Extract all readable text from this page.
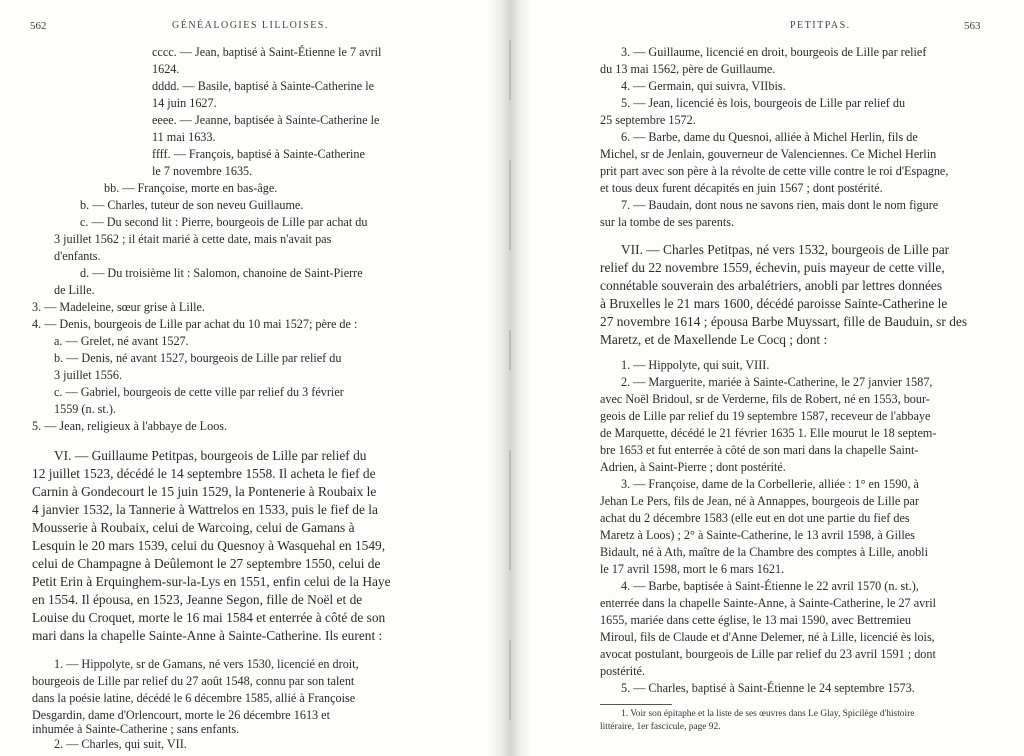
562	GÉNÉALOGIES LILLOISES.
cccc. — Jean, baptisé à Saint-Étienne le 7 avril
1624.
dddd. — Basile, baptisé à Sainte-Catherine le
14 juin 1627.
eeee. — Jeanne, baptisée à Sainte-Catherine le
11 mai 1633.
ffff. — François, baptisé à Sainte-Catherine
le 7 novembre 1635.
bb. — Françoise, morte en bas-âge.
b. — Charles, tuteur de son neveu Guillaume.
c. — Du second lit : Pierre, bourgeois de Lille par achat du
3 juillet 1562 ; il était marié à cette date, mais n'avait pas
d'enfants.
d. — Du troisième lit : Salomon, chanoine de Saint-Pierre
de Lille.
3. — Madeleine, sœur grise à Lille.
4. — Denis, bourgeois de Lille par achat du 10 mai 1527; père de :
a. — Grelet, né avant 1527.
b. — Denis, né avant 1527, bourgeois de Lille par relief du
3 juillet 1556.
c. — Gabriel, bourgeois de cette ville par relief du 3 février
1559 (n. st.).
5. — Jean, religieux à l'abbaye de Loos.
VI. — Guillaume Petitpas, bourgeois de Lille par relief du
12 juillet 1523, décédé le 14 septembre 1558. Il acheta le fief de
Carnin à Gondecourt le 15 juin 1529, la Pontenerie à Roubaix le
4 janvier 1532, la Tannerie à Wattrelos en 1533, puis le fief de la
Mousserie à Roubaix, celui de Warcoing, celui de Gamans à
Lesquin le 20 mars 1539, celui du Quesnoy à Wasquehal en 1549,
celui de Champagne à Deûlemont le 27 septembre 1550, celui de
Petit Erin à Erquinghem-sur-la-Lys en 1551, enfin celui de la Haye
en 1554. Il épousa, en 1523, Jeanne Segon, fille de Noël et de
Louise du Croquet, morte le 16 mai 1584 et enterrée à côté de son
mari dans la chapelle Sainte-Anne à Sainte-Catherine. Ils eurent :
1. — Hippolyte, sr de Gamans, né vers 1530, licencié en droit,
bourgeois de Lille par relief du 27 août 1548, connu par son talent
dans la poésie latine, décédé le 6 décembre 1585, allié à Françoise
Desgardin, dame d'Orlencourt, morte le 26 décembre 1613 et
inhumée à Sainte-Catherine ; sans enfants.
2. — Charles, qui suit, VII.
PETITPAS.	563
3. — Guillaume, licencié en droit, bourgeois de Lille par relief
du 13 mai 1562, père de Guillaume.
4. — Germain, qui suivra, VIIbis.
5. — Jean, licencié ès lois, bourgeois de Lille par relief du
25 septembre 1572.
6. — Barbe, dame du Quesnoi, alliée à Michel Herlin, fils de
Michel, sr de Jenlain, gouverneur de Valenciennes. Ce Michel Herlin
prit part avec son père à la révolte de cette ville contre le roi d'Espagne,
et tous deux furent décapités en juin 1567 ; dont postérité.
7. — Baudain, dont nous ne savons rien, mais dont le nom figure
sur la tombe de ses parents.
VII. — Charles Petitpas, né vers 1532, bourgeois de Lille par
relief du 22 novembre 1559, échevin, puis mayeur de cette ville,
connétable souverain des arbalétriers, anobli par lettres données
à Bruxelles le 21 mars 1600, décédé paroisse Sainte-Catherine le
27 novembre 1614 ; épousa Barbe Muyssart, fille de Bauduin, sr des
Maretz, et de Maxellende Le Cocq ; dont :
1. — Hippolyte, qui suit, VIII.
2. — Marguerite, mariée à Sainte-Catherine, le 27 janvier 1587,
avec Noël Bridoul, sr de Verderne, fils de Robert, né en 1553, bour-
geois de Lille par relief du 19 septembre 1587, receveur de l'abbaye
de Marquette, décédé le 21 février 1635 1. Elle mourut le 18 septem-
bre 1653 et fut enterrée à côté de son mari dans la chapelle Saint-
Adrien, à Saint-Pierre ; dont postérité.
3. — Françoise, dame de la Corbellerie, alliée : 1° en 1590, à
Jehan Le Pers, fils de Jean, né à Annappes, bourgeois de Lille par
achat du 2 décembre 1583 (elle eut en dot une partie du fief des
Maretz à Loos) ; 2° à Sainte-Catherine, le 13 avril 1598, à Gilles
Bidault, né à Ath, maître de la Chambre des comptes à Lille, anobli
le 17 avril 1598, mort le 6 mars 1621.
4. — Barbe, baptisée à Saint-Étienne le 22 avril 1570 (n. st.),
enterrée dans la chapelle Sainte-Anne, à Sainte-Catherine, le 27 avril
1655, mariée dans cette église, le 13 mai 1590, avec Bettremieu
Miroul, fils de Claude et d'Anne Delemer, né à Lille, licencié ès lois,
avocat postulant, bourgeois de Lille par relief du 23 avril 1591 ; dont
postérité.
5. — Charles, baptisé à Saint-Étienne le 24 septembre 1573.
1. Voir son épitaphe et la liste de ses œuvres dans Le Glay, Spicilège d'histoire
littéraire, 1er fascicule, page 92.
